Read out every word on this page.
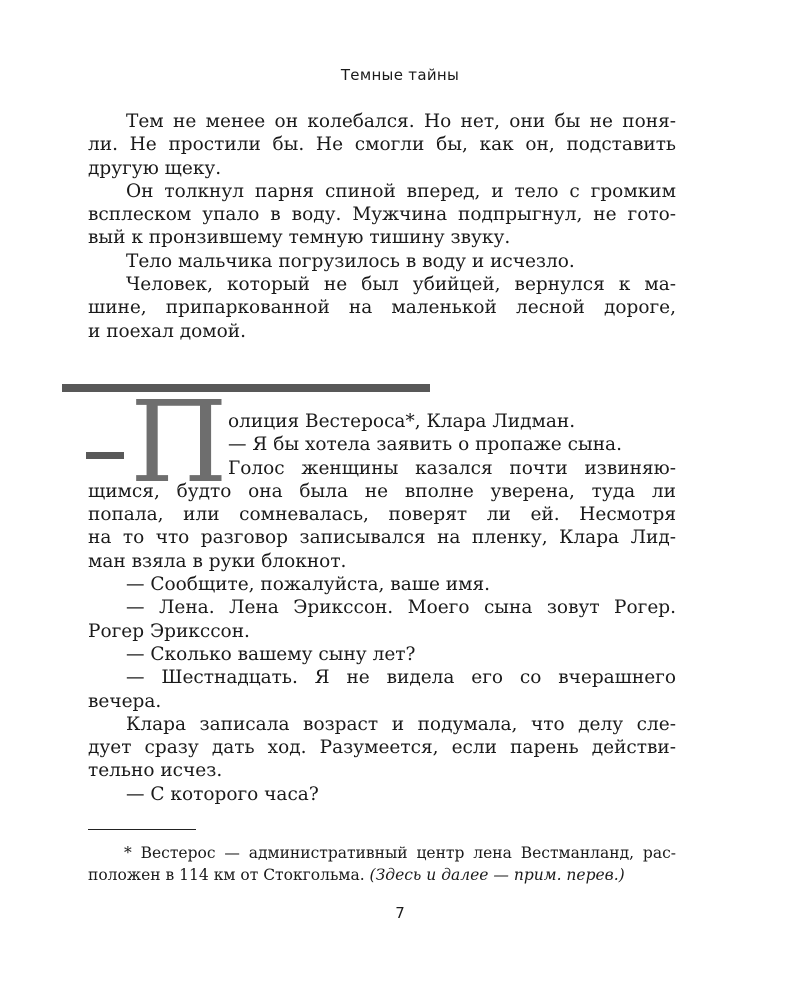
Темные тайны
Тем не менее он колебался. Но нет, они бы не поня-
ли. Не простили бы. Не смогли бы, как он, подставить
другую щеку.
Он толкнул парня спиной вперед, и тело с громким
всплеском упало в воду. Мужчина подпрыгнул, не гото-
вый к пронзившему темную тишину звуку.
Тело мальчика погрузилось в воду и исчезло.
Человек, который не был убийцей, вернулся к ма-
шине, припаркованной на маленькой лесной дороге,
и поехал домой.
П олиция Вестероса*, Клара Лидман.
— Я бы хотела заявить о пропаже сына.
Голос женщины казался почти извиняю-
щимся, будто она была не вполне уверена, туда ли
попала, или сомневалась, поверят ли ей. Несмотря
на то что разговор записывался на пленку, Клара Лид-
ман взяла в руки блокнот.
— Сообщите, пожалуйста, ваше имя.
— Лена. Лена Эрикссон. Моего сына зовут Рогер.
Рогер Эрикссон.
— Сколько вашему сыну лет?
— Шестнадцать. Я не видела его со вчерашнего
вечера.
Клара записала возраст и подумала, что делу сле-
дует сразу дать ход. Разумеется, если парень действи-
тельно исчез.
— С которого часа?
* Вестерос — административный центр лена Вестманланд, рас-
положен в 114 км от Стокгольма. (Здесь и далее — прим. перев.)
7
